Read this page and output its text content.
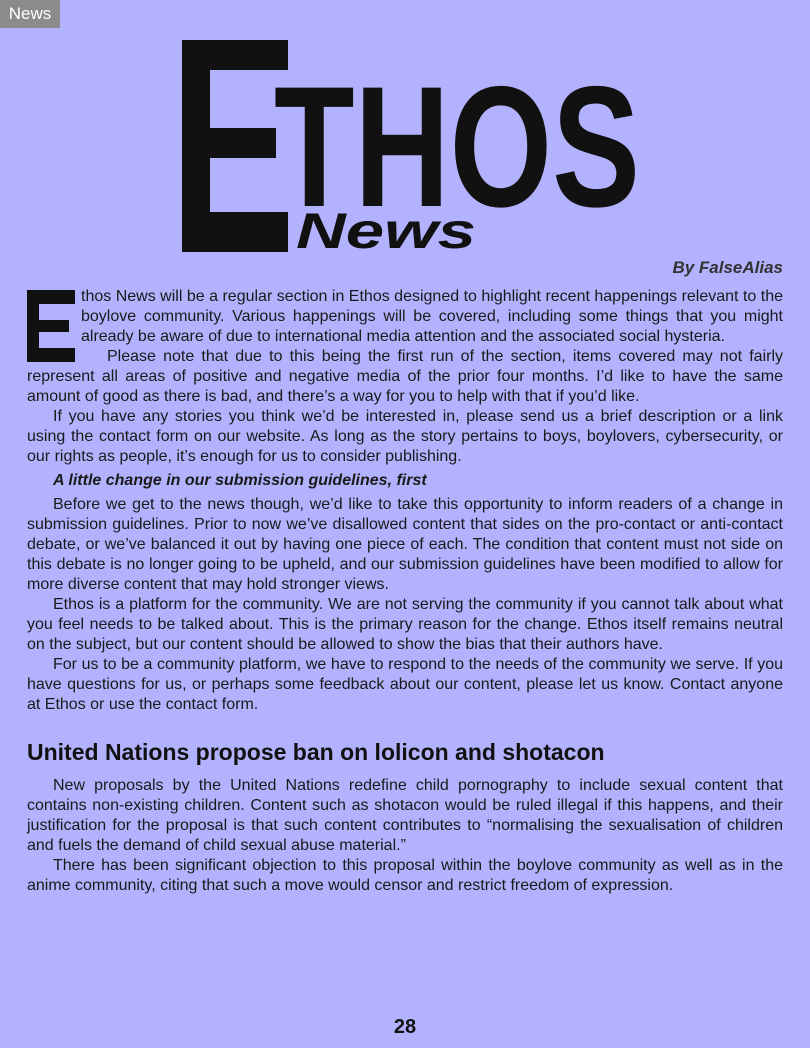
News
THOS
News
By FalseAlias

thos News will be a regular section in Ethos designed to highlight recent happenings relevant to the boylove community. Various happenings will be covered, including some things that you might already be aware of due to international media attention and the associated social hysteria.

Please note that due to this being the first run of the section, items covered may not fairly represent all areas of positive and negative media of the prior four months. I’d like to have the same amount of good as there is bad, and there’s a way for you to help with that if you’d like.

If you have any stories you think we’d be interested in, please send us a brief description or a link using the contact form on our website. As long as the story pertains to boys, boylovers, cybersecurity, or our rights as people, it’s enough for us to consider publishing.

A little change in our submission guidelines, first

Before we get to the news though, we’d like to take this opportunity to inform readers of a change in submission guidelines. Prior to now we’ve disallowed content that sides on the pro-contact or anti-contact debate, or we’ve balanced it out by having one piece of each. The condition that content must not side on this debate is no longer going to be upheld, and our submission guidelines have been modified to allow for more diverse content that may hold stronger views.

Ethos is a platform for the community. We are not serving the community if you cannot talk about what you feel needs to be talked about. This is the primary reason for the change. Ethos itself remains neutral on the subject, but our content should be allowed to show the bias that their authors have.

For us to be a community platform, we have to respond to the needs of the community we serve. If you have questions for us, or perhaps some feedback about our content, please let us know. Contact anyone at Ethos or use the contact form.

United Nations propose ban on lolicon and shotacon

New proposals by the United Nations redefine child pornography to include sexual content that contains non-existing children. Content such as shotacon would be ruled illegal if this happens, and their justification for the proposal is that such content contributes to “normalising the sexualisation of children and fuels the demand of child sexual abuse material.”

There has been significant objection to this proposal within the boylove community as well as in the anime community, citing that such a move would censor and restrict freedom of expression.

28
